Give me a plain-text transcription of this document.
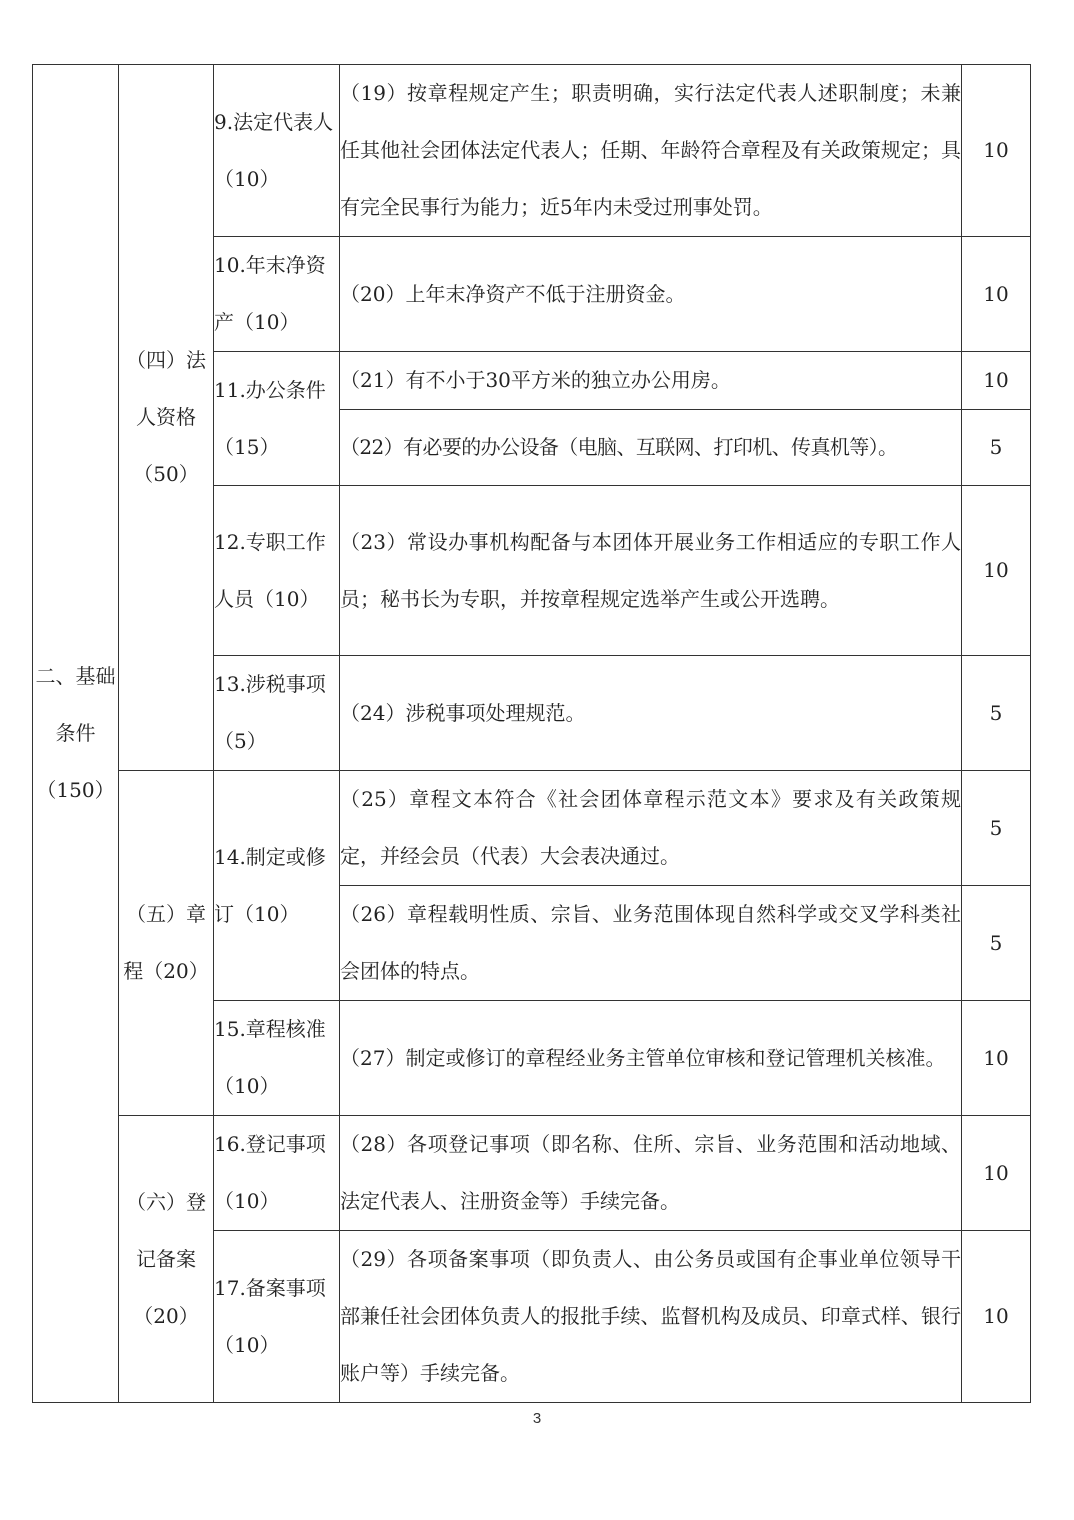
二、基础条件（150）	（四）法人资格（50）	9.法定代表人（10）	（19）按章程规定产生；职责明确，实行法定代表人述职制度；未兼任其他社会团体法定代表人；任期、年龄符合章程及有关政策规定；具有完全民事行为能力；近5年内未受过刑事处罚。	10
		10.年末净资产（10）	（20）上年末净资产不低于注册资金。	10
		11.办公条件（15）	（21）有不小于30平方米的独立办公用房。	10
			（22）有必要的办公设备（电脑、互联网、打印机、传真机等）。	5
		12.专职工作人员（10）	（23）常设办事机构配备与本团体开展业务工作相适应的专职工作人员；秘书长为专职，并按章程规定选举产生或公开选聘。	10
		13.涉税事项（5）	（24）涉税事项处理规范。	5
	（五）章程（20）	14.制定或修订（10）	（25）章程文本符合《社会团体章程示范文本》要求及有关政策规定，并经会员（代表）大会表决通过。	5
			（26）章程载明性质、宗旨、业务范围体现自然科学或交叉学科类社会团体的特点。	5
		15.章程核准（10）	（27）制定或修订的章程经业务主管单位审核和登记管理机关核准。	10
	（六）登记备案（20）	16.登记事项（10）	（28）各项登记事项（即名称、住所、宗旨、业务范围和活动地域、法定代表人、注册资金等）手续完备。	10
		17.备案事项（10）	（29）各项备案事项（即负责人、由公务员或国有企事业单位领导干部兼任社会团体负责人的报批手续、监督机构及成员、印章式样、银行账户等）手续完备。	10
3
